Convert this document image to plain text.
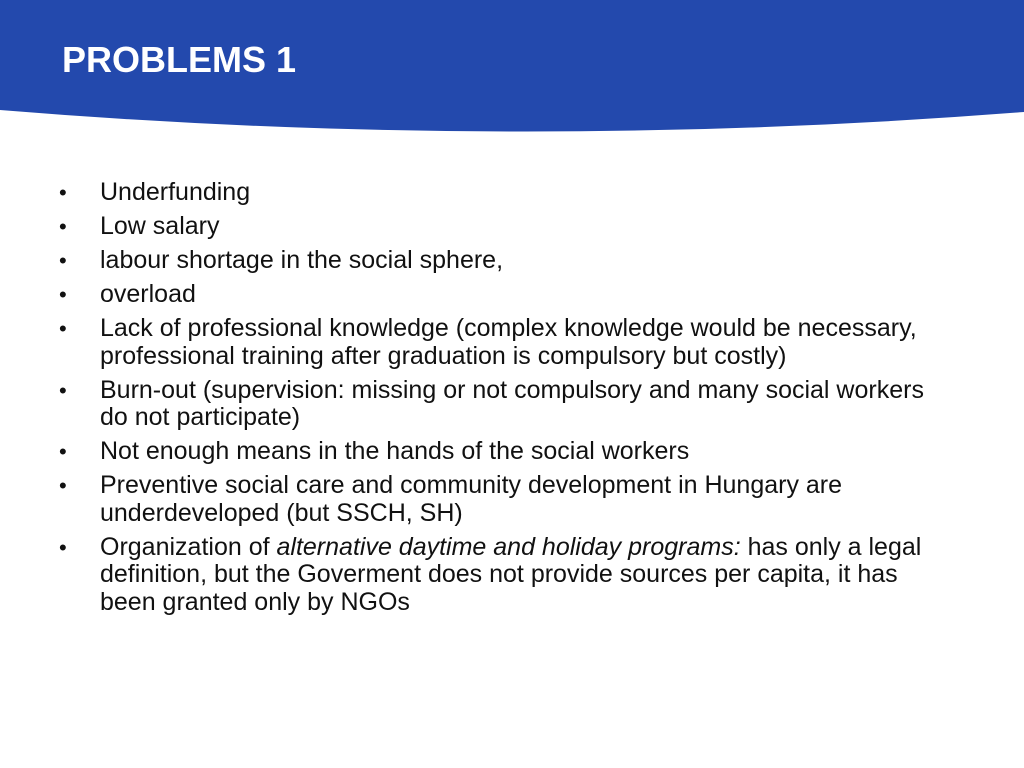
PROBLEMS 1
• Underfunding
• Low salary
• labour shortage in the social sphere,
• overload
• Lack of professional knowledge (complex knowledge would be necessary, professional training after graduation is compulsory but costly)
• Burn-out (supervision: missing or not compulsory and many social workers do not participate)
• Not enough means in the hands of the social workers
• Preventive social care and community development in Hungary are underdeveloped (but SSCH, SH)
• Organization of alternative daytime and holiday programs: has only a legal definition, but the Goverment does not provide sources per capita, it has been granted only by NGOs
